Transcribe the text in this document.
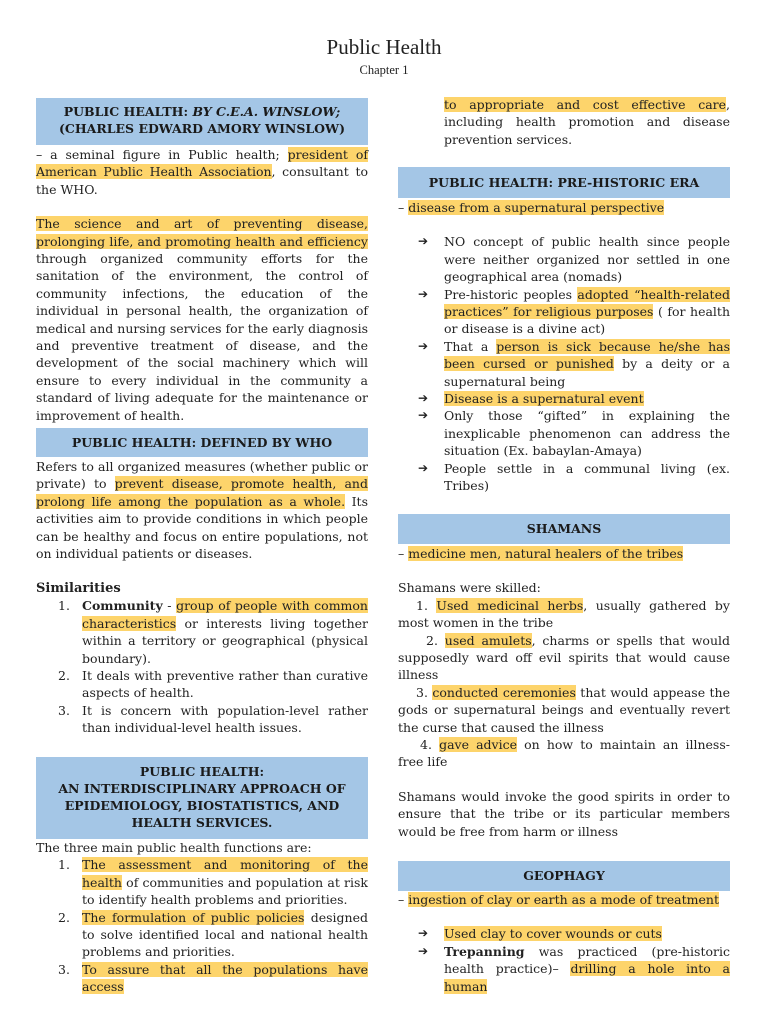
Public Health
Chapter 1
PUBLIC HEALTH: BY C.E.A. WINSLOW;
(CHARLES EDWARD AMORY WINSLOW)

– a seminal figure in Public health; president of American Public Health Association, consultant to the WHO.

The science and art of preventing disease, prolonging life, and promoting health and efficiency through organized community efforts for the sanitation of the environment, the control of community infections, the education of the individual in personal health, the organization of medical and nursing services for the early diagnosis and preventive treatment of disease, and the development of the social machinery which will ensure to every individual in the community a standard of living adequate for the maintenance or improvement of health.

PUBLIC HEALTH: DEFINED BY WHO

Refers to all organized measures (whether public or private) to prevent disease, promote health, and prolong life among the population as a whole. Its activities aim to provide conditions in which people can be healthy and focus on entire populations, not on individual patients or diseases.

Similarities
1. Community - group of people with common characteristics or interests living together within a territory or geographical (physical boundary).
2. It deals with preventive rather than curative aspects of health.
3. It is concern with population-level rather than individual-level health issues.
PUBLIC HEALTH:
AN INTERDISCIPLINARY APPROACH OF
EPIDEMIOLOGY, BIOSTATISTICS, AND
HEALTH SERVICES.

The three main public health functions are:

1. The assessment and monitoring of the health of communities and population at risk to identify health problems and priorities.
2. The formulation of public policies designed to solve identified local and national health problems and priorities.
3. To assure that all the populations have access
to appropriate and cost effective care, including health promotion and disease prevention services.
PUBLIC HEALTH: PRE-HISTORIC ERA

– disease from a supernatural perspective

➔ NO concept of public health since people were neither organized nor settled in one geographical area (nomads)
➔ Pre-historic peoples adopted “health-related practices” for religious purposes ( for health or disease is a divine act)
➔ That a person is sick because he/she has been cursed or punished by a deity or a supernatural being
➔ Disease is a supernatural event
➔ Only those “gifted” in explaining the inexplicable phenomenon can address the situation (Ex. babaylan-Amaya)
➔ People settle in a communal living (ex. Tribes)
SHAMANS

– medicine men, natural healers of the tribes

Shamans were skilled:

1. Used medicinal herbs, usually gathered by most women in the tribe

2. used amulets, charms or spells that would supposedly ward off evil spirits that would cause illness

3. conducted ceremonies that would appease the gods or supernatural beings and eventually revert the curse that caused the illness

4. gave advice on how to maintain an illness-free life

Shamans would invoke the good spirits in order to ensure that the tribe or its particular members would be free from harm or illness

GEOPHAGY

– ingestion of clay or earth as a mode of treatment

➔ Used clay to cover wounds or cuts
➔ Trepanning was practiced (pre-historic health practice)– drilling a hole into a human
